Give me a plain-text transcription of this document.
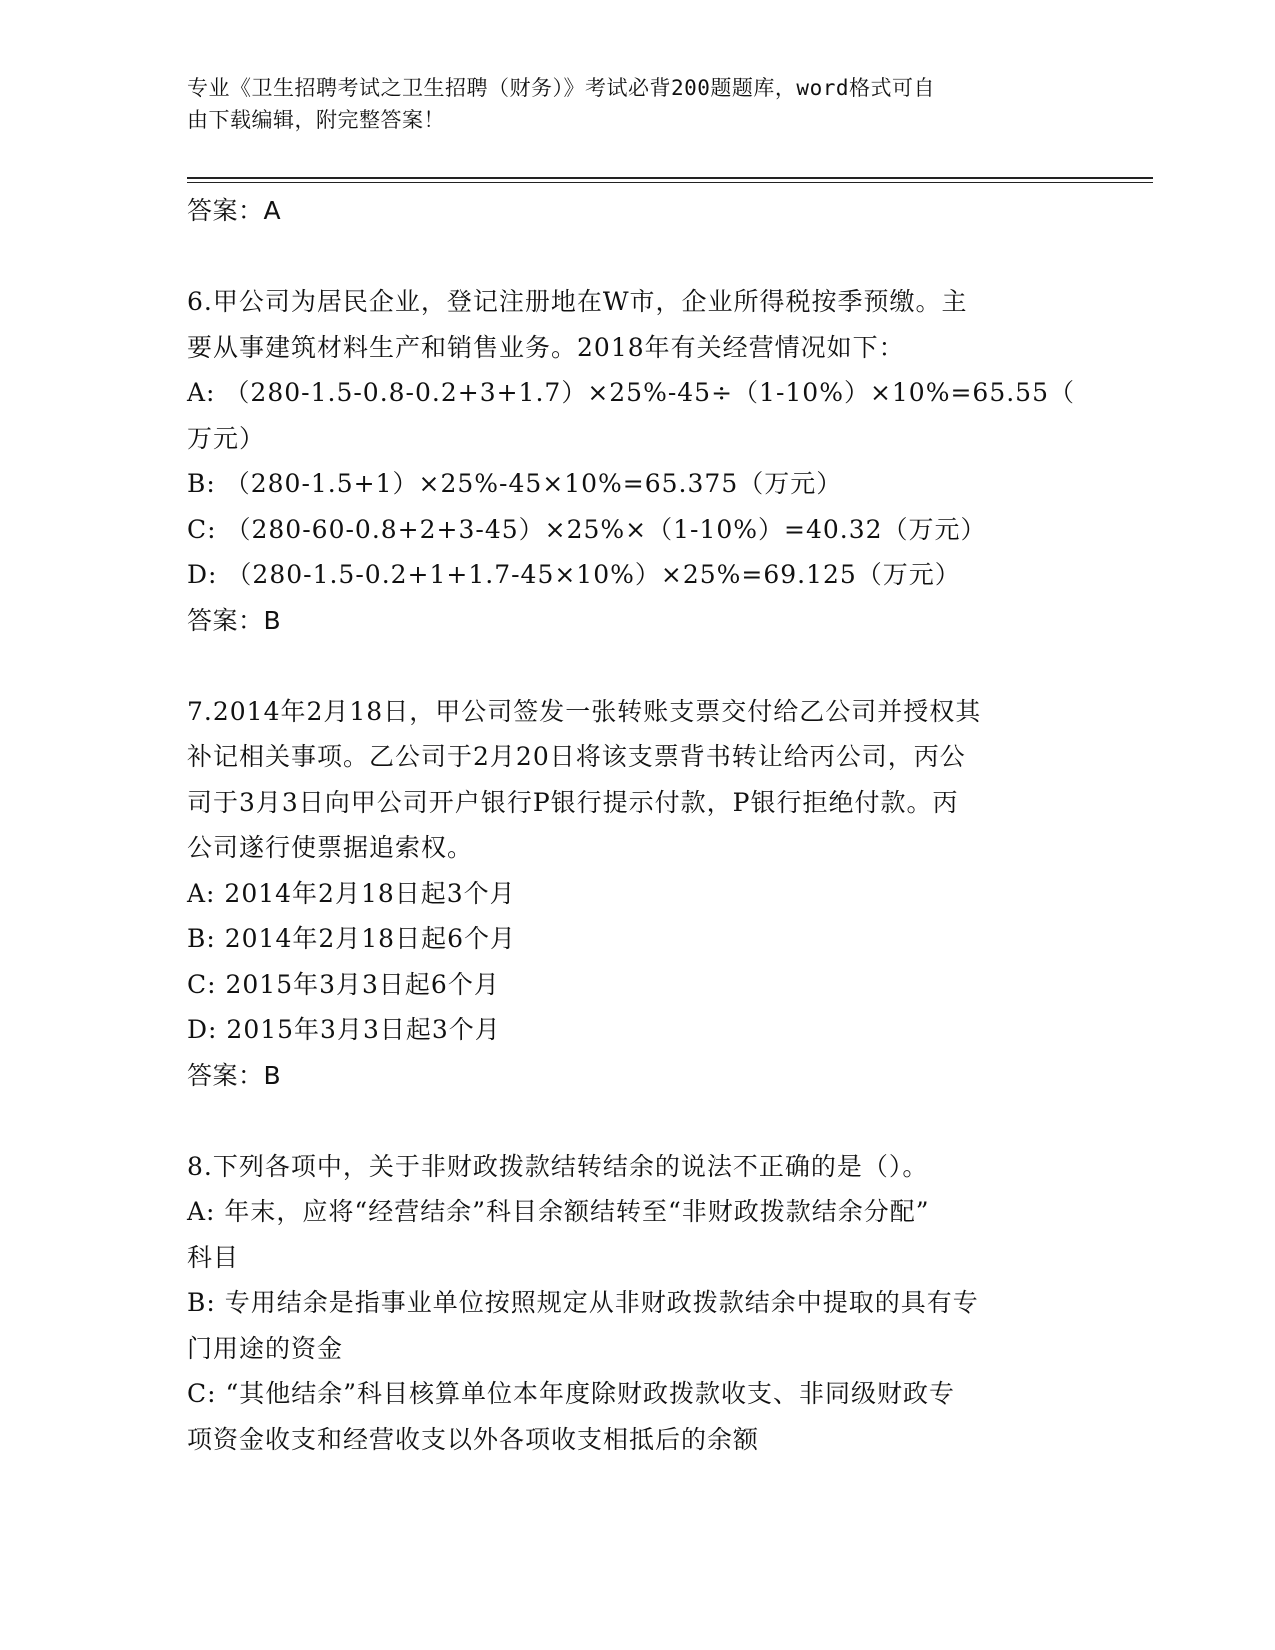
专业《卫生招聘考试之卫生招聘（财务）》考试必背200题题库，word格式可自
由下载编辑，附完整答案！
答案：A
6.甲公司为居民企业，登记注册地在W市，企业所得税按季预缴。主
要从事建筑材料生产和销售业务。2018年有关经营情况如下：
A: （280-1.5-0.8-0.2+3+1.7）×25%-45÷（1-10%）×10%=65.55（
万元）
B: （280-1.5+1）×25%-45×10%=65.375（万元）
C: （280-60-0.8+2+3-45）×25%×（1-10%）=40.32（万元）
D: （280-1.5-0.2+1+1.7-45×10%）×25%=69.125（万元）
答案：B
7.2014年2月18日，甲公司签发一张转账支票交付给乙公司并授权其
补记相关事项。乙公司于2月20日将该支票背书转让给丙公司，丙公
司于3月3日向甲公司开户银行P银行提示付款，P银行拒绝付款。丙
公司遂行使票据追索权。
A: 2014年2月18日起3个月
B: 2014年2月18日起6个月
C: 2015年3月3日起6个月
D: 2015年3月3日起3个月
答案：B
8.下列各项中，关于非财政拨款结转结余的说法不正确的是（）。
A: 年末，应将“经营结余”科目余额结转至“非财政拨款结余分配”
科目
B: 专用结余是指事业单位按照规定从非财政拨款结余中提取的具有专
门用途的资金
C: “其他结余”科目核算单位本年度除财政拨款收支、非同级财政专
项资金收支和经营收支以外各项收支相抵后的余额
